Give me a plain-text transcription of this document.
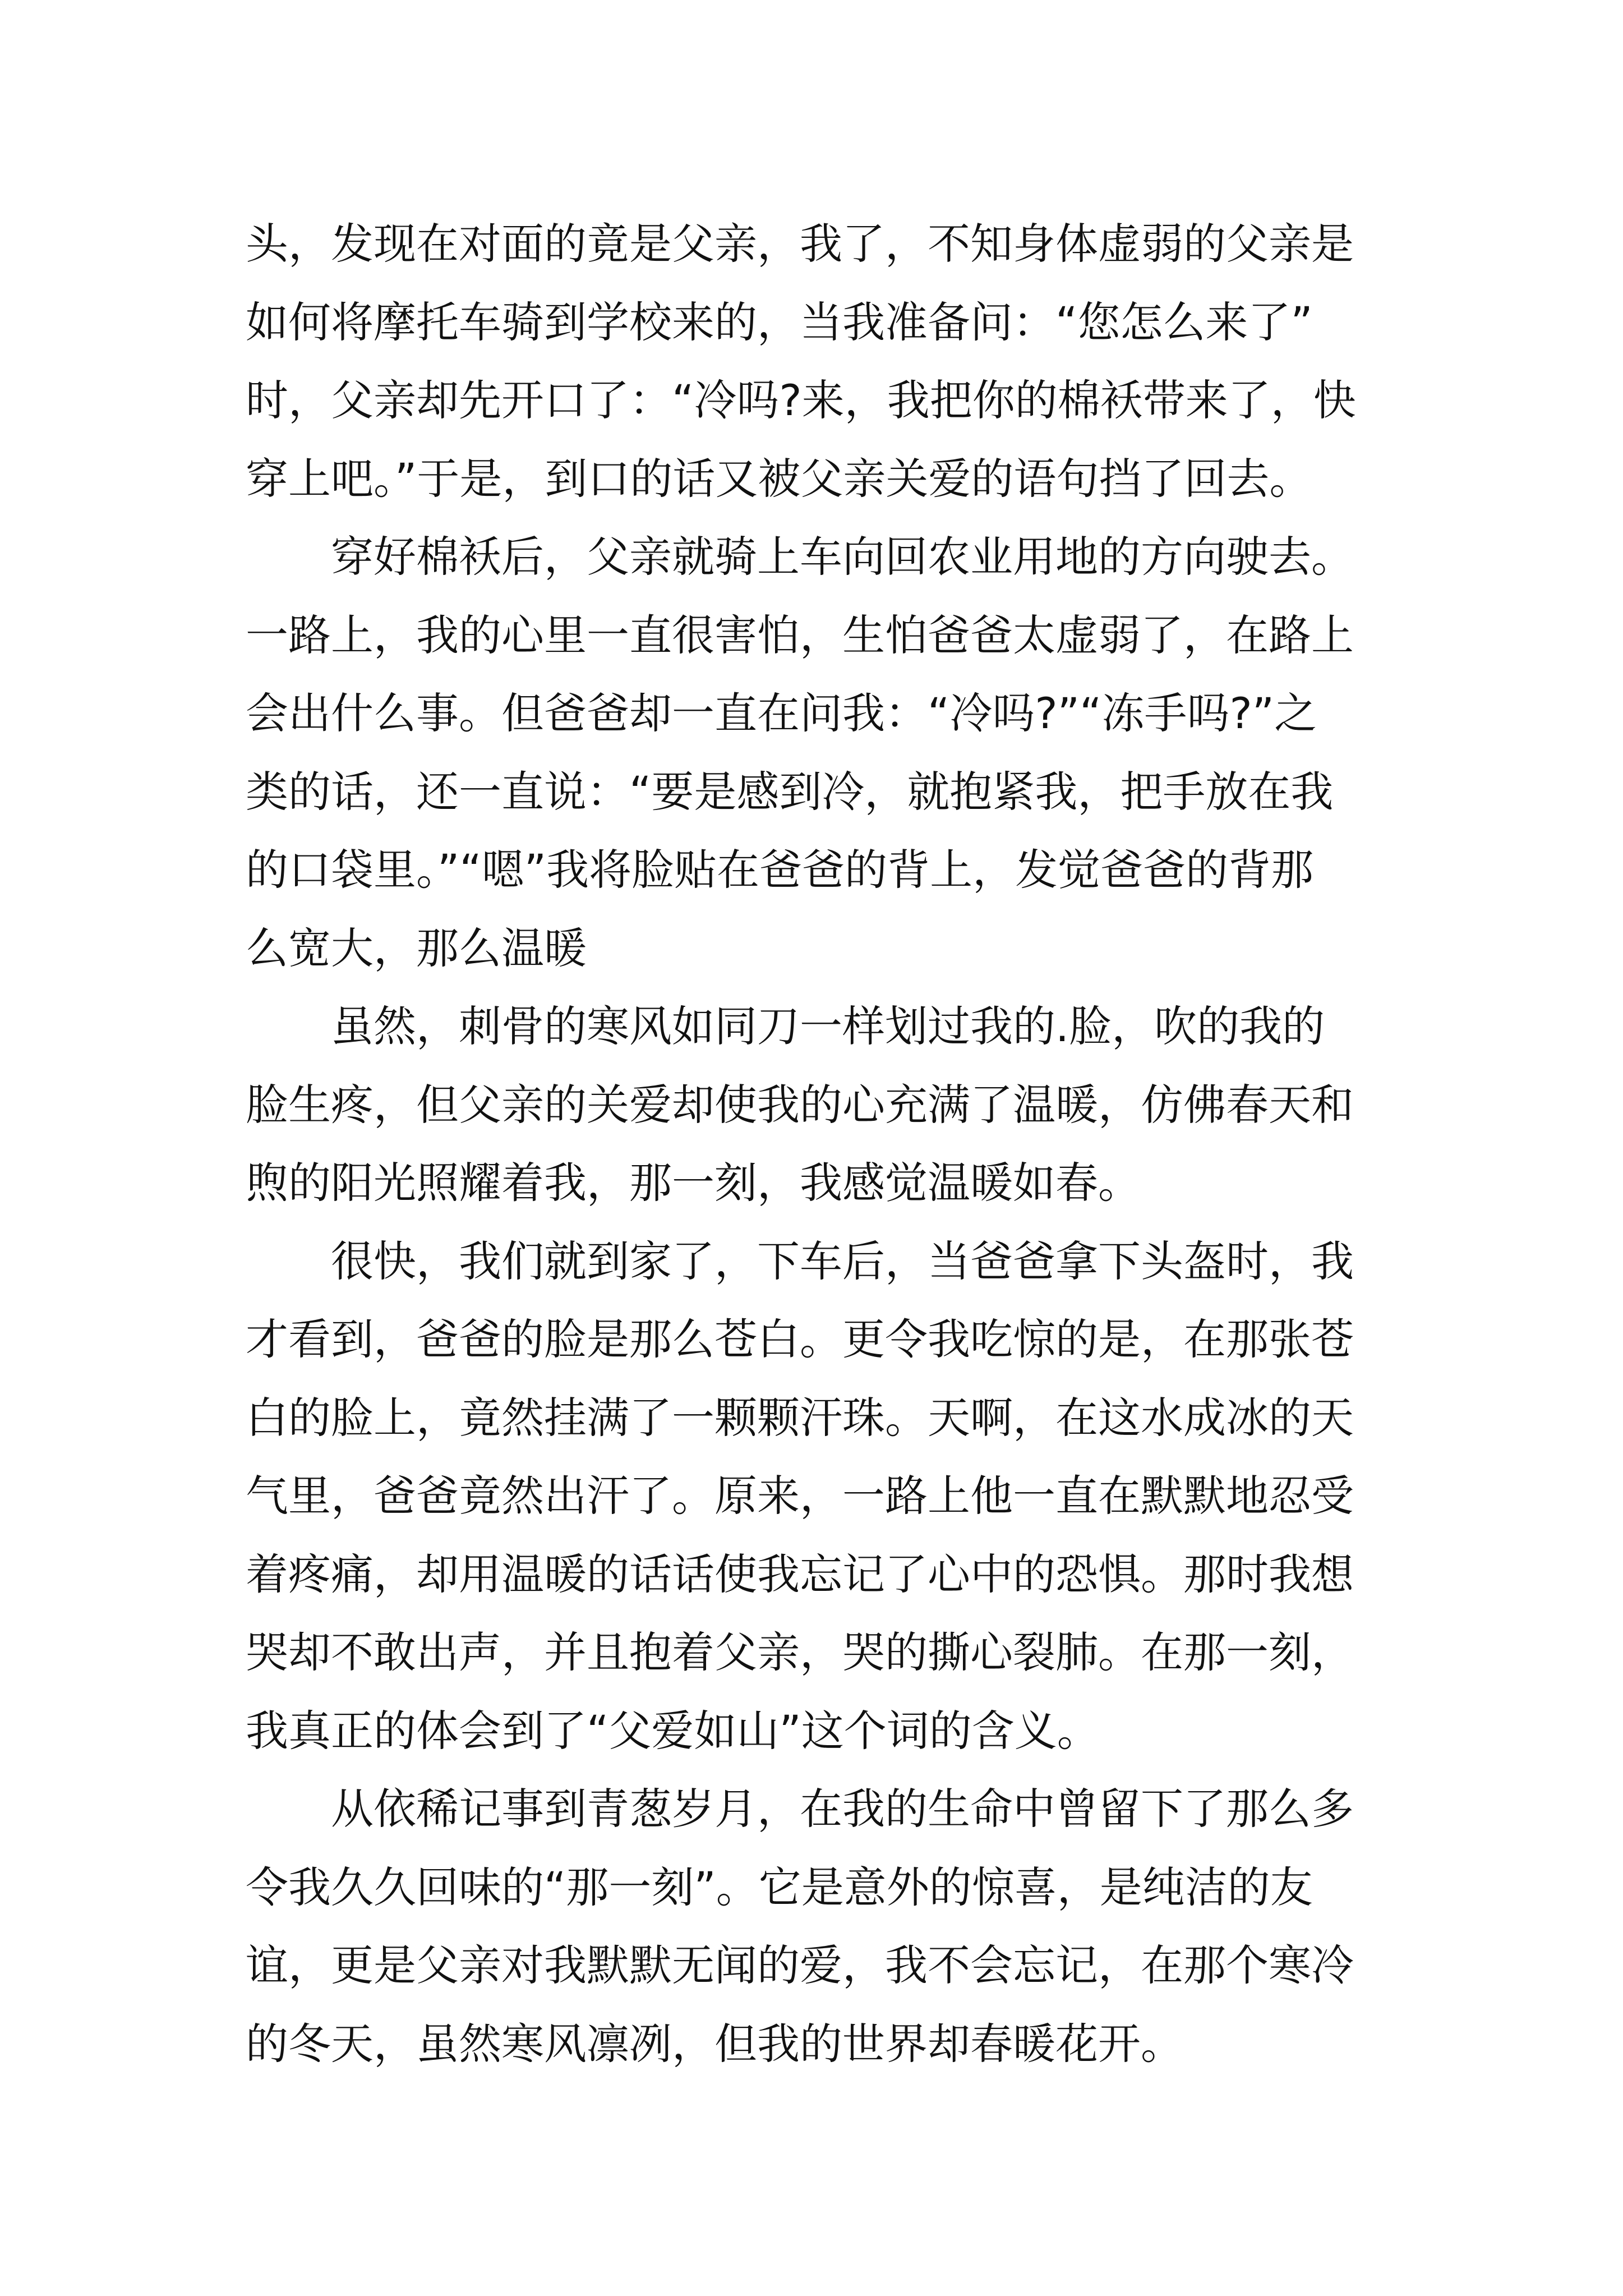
头，发现在对面的竟是父亲，我了，不知身体虚弱的父亲是
如何将摩托车骑到学校来的，当我准备问：“您怎么来了”
时，父亲却先开口了：“冷吗?来，我把你的棉袄带来了，快
穿上吧。”于是，到口的话又被父亲关爱的语句挡了回去。
　　穿好棉袄后，父亲就骑上车向回农业用地的方向驶去。
一路上，我的心里一直很害怕，生怕爸爸太虚弱了，在路上
会出什么事。但爸爸却一直在问我：“冷吗?”“冻手吗?”之
类的话，还一直说：“要是感到冷，就抱紧我，把手放在我
的口袋里。”“嗯”我将脸贴在爸爸的背上，发觉爸爸的背那
么宽大，那么温暖
　　虽然，刺骨的寒风如同刀一样划过我的.脸，吹的我的
脸生疼，但父亲的关爱却使我的心充满了温暖，仿佛春天和
煦的阳光照耀着我，那一刻，我感觉温暖如春。
　　很快，我们就到家了，下车后，当爸爸拿下头盔时，我
才看到，爸爸的脸是那么苍白。更令我吃惊的是，在那张苍
白的脸上，竟然挂满了一颗颗汗珠。天啊，在这水成冰的天
气里，爸爸竟然出汗了。原来，一路上他一直在默默地忍受
着疼痛，却用温暖的话话使我忘记了心中的恐惧。那时我想
哭却不敢出声，并且抱着父亲，哭的撕心裂肺。在那一刻，
我真正的体会到了“父爱如山”这个词的含义。
　　从依稀记事到青葱岁月，在我的生命中曾留下了那么多
令我久久回味的“那一刻”。它是意外的惊喜，是纯洁的友
谊，更是父亲对我默默无闻的爱，我不会忘记，在那个寒冷
的冬天，虽然寒风凛冽，但我的世界却春暖花开。
